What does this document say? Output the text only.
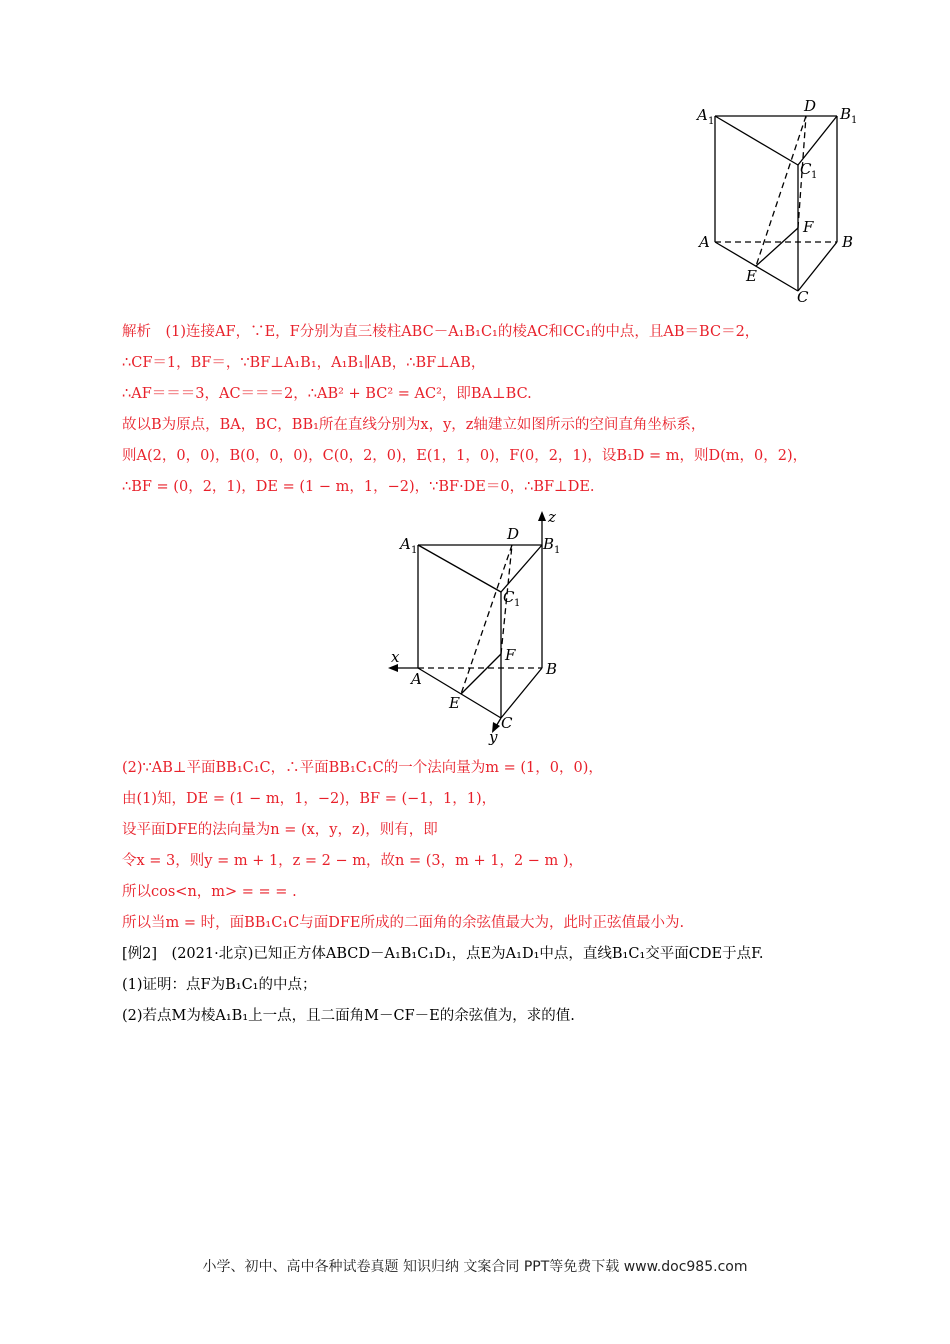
A 1
D B 1
C 1
F
A	B
E
C
解析　(1)连接AF，∵E，F分别为直三棱柱ABC－A₁B₁C₁的棱AC和CC₁的中点，且AB＝BC＝2，
∴CF＝1，BF＝，∵BF⊥A₁B₁，A₁B₁∥AB，∴BF⊥AB，
∴AF＝＝＝3，AC＝＝＝2，∴AB² + BC² = AC²，即BA⊥BC.
故以B为原点，BA，BC，BB₁所在直线分别为x，y，z轴建立如图所示的空间直角坐标系，
则A(2，0，0)，B(0，0，0)，C(0，2，0)，E(1，1，0)，F(0，2，1)，设B₁D = m，则D(m，0，2)，
∴BF = (0，2，1)，DE = (1 − m，1，−2)，∵BF·DE＝0，∴BF⊥DE.
z
x
y
A 1
D
B 1
C 1
F
A
B
E
C
(2)∵AB⊥平面BB₁C₁C，∴平面BB₁C₁C的一个法向量为m = (1，0，0)，
由(1)知，DE = (1 − m，1，−2)，BF = (−1，1，1)，
设平面DFE的法向量为n = (x，y，z)，则有，即
令x = 3，则y = m + 1，z = 2 − m，故n = (3，m + 1，2 − m )，
所以cos<n，m> = = = .
所以当m = 时，面BB₁C₁C与面DFE所成的二面角的余弦值最大为，此时正弦值最小为.
[例2]　(2021·北京)已知正方体ABCD－A₁B₁C₁D₁，点E为A₁D₁中点，直线B₁C₁交平面CDE于点F.
(1)证明：点F为B₁C₁的中点；
(2)若点M为棱A₁B₁上一点，且二面角M－CF－E的余弦值为，求的值.
小学、初中、高中各种试卷真题 知识归纳 文案合同 PPT等免费下载 www.doc985.com
